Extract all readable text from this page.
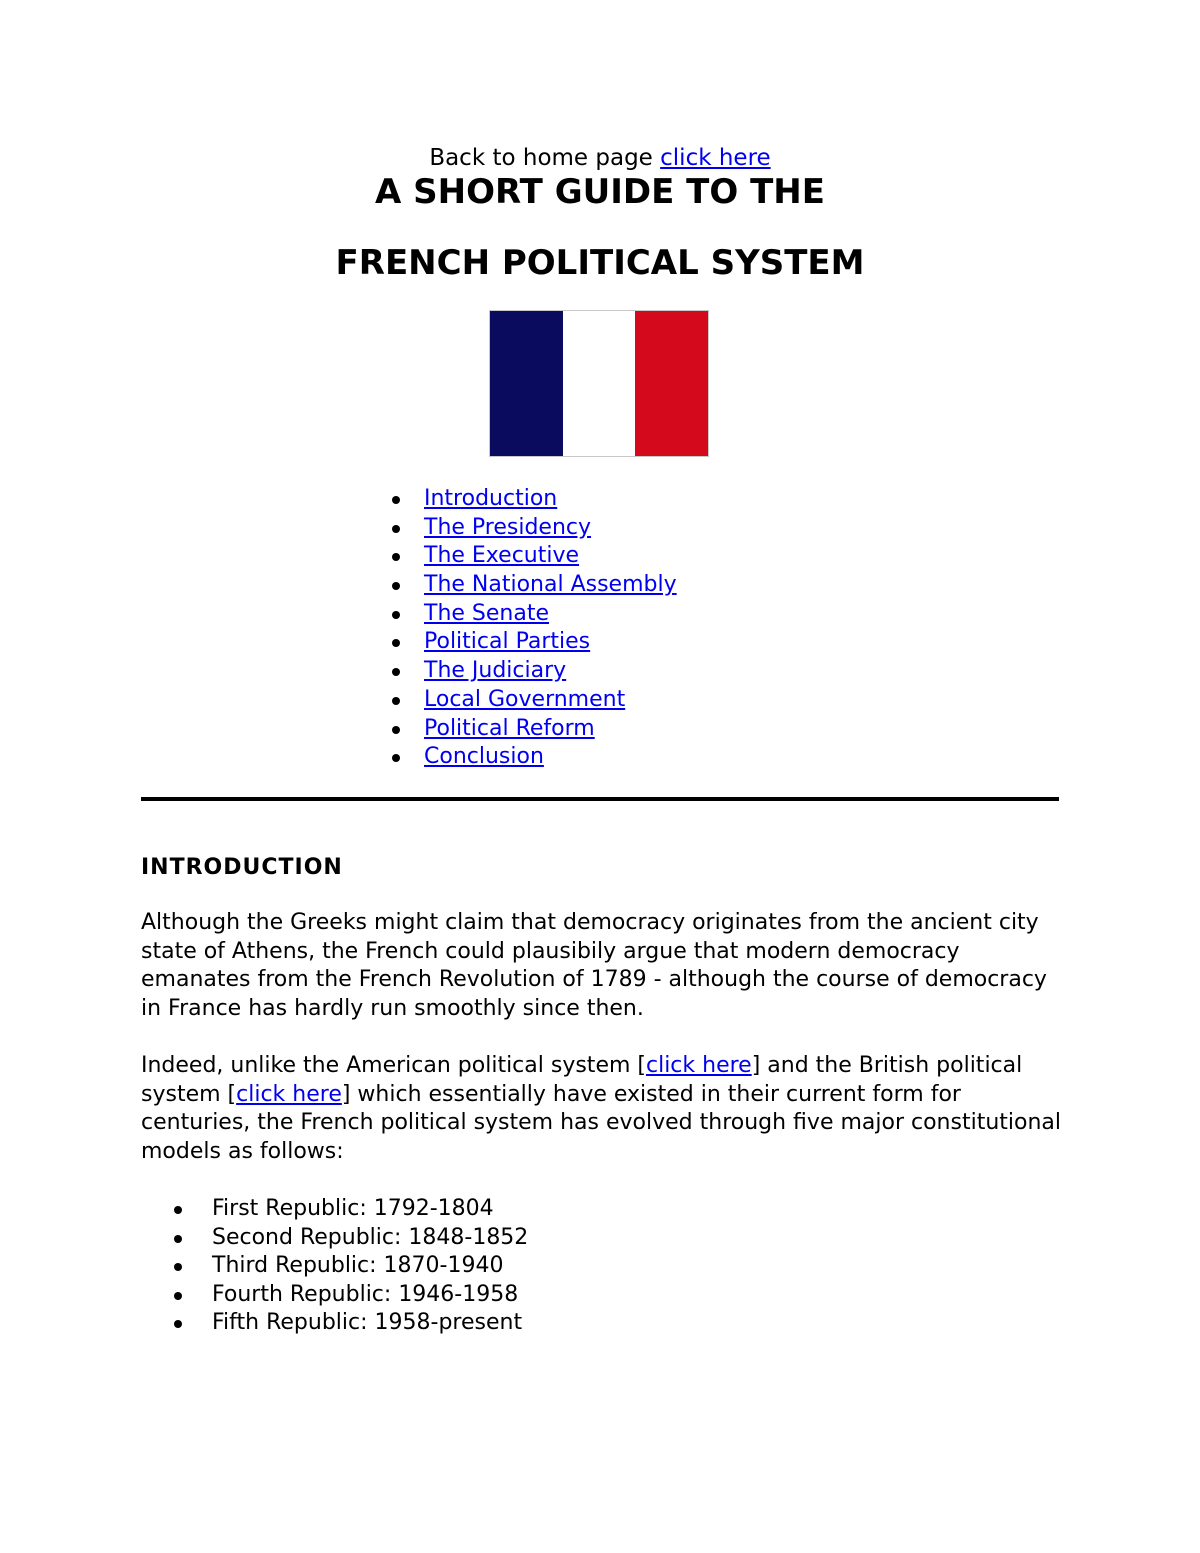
Back to home page click here
A SHORT GUIDE TO THE
FRENCH POLITICAL SYSTEM
Introduction
The Presidency
The Executive
The National Assembly
The Senate
Political Parties
The Judiciary
Local Government
Political Reform
Conclusion
INTRODUCTION

Although the Greeks might claim that democracy originates from the ancient city state of Athens, the French could plausibily argue that modern democracy emanates from the French Revolution of 1789 - although the course of democracy in France has hardly run smoothly since then.

Indeed, unlike the American political system [click here] and the British political system [click here] which essentially have existed in their current form for centuries, the French political system has evolved through five major constitutional models as follows:

First Republic: 1792-1804
Second Republic: 1848-1852
Third Republic: 1870-1940
Fourth Republic: 1946-1958
Fifth Republic: 1958-present
